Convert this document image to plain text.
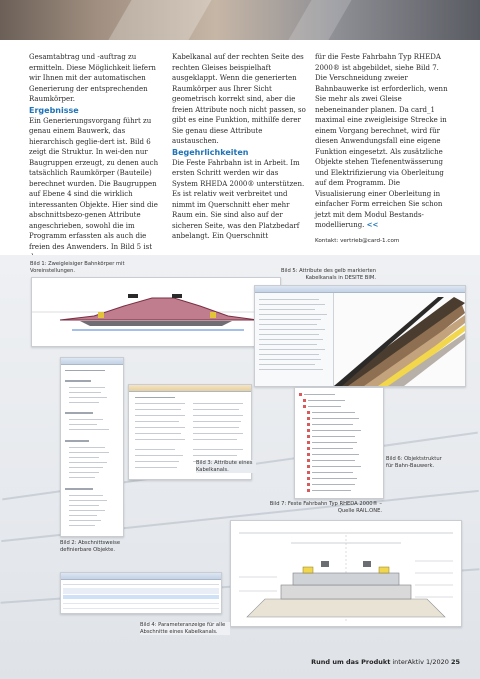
Gesamtabtrag und -auftrag zu ermitteln. Diese Möglichkeit liefern wir Ihnen mit der automatischen Generierung der entsprechenden Raumkörper.

Ergebnisse

Ein Generierungsvorgang führt zu genau einem Bauwerk, das hierarchisch geglie-dert ist. Bild 6 zeigt die Struktur. In wei-den nur Baugruppen erzeugt, zu denen auch tatsächlich Raumkörper (Bauteile) berechnet wurden. Die Baugruppen auf Ebene 4 sind die wirklich interessanten Objekte. Hier sind die abschnittsbezo-genen Attribute angeschrieben, sowohl die im Programm erfassten als auch die freien des Anwenders. In Bild 5 ist

Kabelkanal auf der rechten Seite des rechten Gleises beispielhaft ausgeklappt. Wenn die generierten Raumkörper aus Ihrer Sicht geometrisch korrekt sind, aber die freien Attribute noch nicht passen, so gibt es eine Funktion, mithilfe derer Sie genau diese Attribute austauschen.

Begehrlichkeiten

Die Feste Fahrbahn ist in Arbeit. Im ersten Schritt werden wir das System RHEDA 2000® unterstützen. Es ist relativ weit verbreitet und nimmt im Querschnitt eher mehr Raum ein. Sie sind also auf der sicheren Seite, was den Platzbedarf anbelangt. Ein Querschnitt

für die Feste Fahrbahn Typ RHEDA 2000® ist abgebildet, siehe Bild 7. Die Verschneidung zweier Bahnbauwerke ist erforderlich, wenn Sie mehr als zwei Gleise nebeneinander planen. Da card_1 maximal eine zweigleisige Strecke in einem Vorgang berechnet, wird für diesen Anwendungsfall eine eigene Funktion eingesetzt. Als zusätzliche Objekte stehen Tiefenentwässerung und Elektrifizierung via Oberleitung auf dem Programm. Die Visualisierung einer Oberleitung in einfacher Form erreichen Sie schon jetzt mit dem Modul Bestands-modellierung. <<

Kontakt: vertrieb@card-1.com

Bild 1: Zweigleisiger Bahnkörper mit Voreinstellungen.	Bild 5: Attribute des gelb markierten Kabelkanals in DESITE BIM.
Bild 2: Abschnittsweise definierbare Objekte.
Bild 3: Attribute eines Kabelkanals.
Bild 6: Objektstruktur für Bahn-Bauwerk.
Bild 7: Feste Fahrbahn Typ RHEDA 2000® – Quelle RAIL.ONE.
Bild 4: Parameteranzeige für alle Abschnitte eines Kabelkanals.
Rund um das Produkt interAktiv 1/2020 25
